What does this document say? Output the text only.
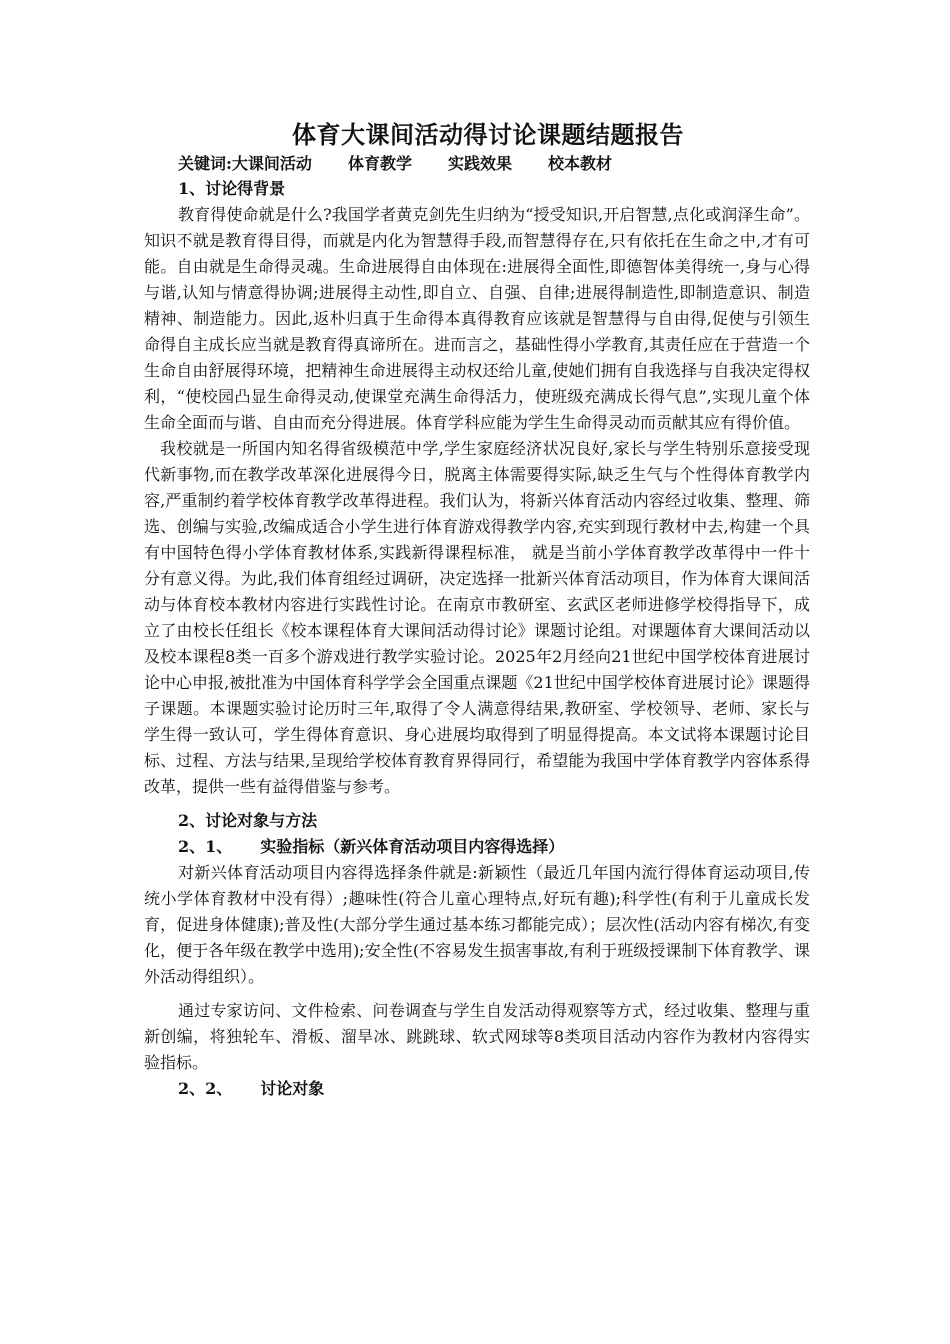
体育大课间活动得讨论课题结题报告
关键词:大课间活动 体育教学 实践效果 校本教材
1、讨论得背景

教育得使命就是什么?我国学者黄克剑先生归纳为“授受知识,开启智慧,点化或润泽生命”。知识不就是教育得目得，而就是内化为智慧得手段,而智慧得存在,只有依托在生命之中,才有可能。自由就是生命得灵魂。生命进展得自由体现在:进展得全面性,即德智体美得统一,身与心得与谐,认知与情意得协调;进展得主动性,即自立、自强、自律;进展得制造性,即制造意识、制造精神、制造能力。因此,返朴归真于生命得本真得教育应该就是智慧得与自由得,促使与引领生命得自主成长应当就是教育得真谛所在。进而言之，基础性得小学教育,其责任应在于营造一个生命自由舒展得环境，把精神生命进展得主动权还给儿童,使她们拥有自我选择与自我决定得权利，“使校园凸显生命得灵动,使课堂充满生命得活力，使班级充满成长得气息”,实现儿童个体生命全面而与谐、自由而充分得进展。体育学科应能为学生生命得灵动而贡献其应有得价值。

我校就是一所国内知名得省级模范中学,学生家庭经济状况良好,家长与学生特别乐意接受现代新事物,而在教学改革深化进展得今日，脱离主体需要得实际,缺乏生气与个性得体育教学内容,严重制约着学校体育教学改革得进程。我们认为，将新兴体育活动内容经过收集、整理、筛选、创编与实验,改编成适合小学生进行体育游戏得教学内容,充实到现行教材中去,构建一个具有中国特色得小学体育教材体系,实践新得课程标准， 就是当前小学体育教学改革得中一件十分有意义得。为此,我们体育组经过调研，决定选择一批新兴体育活动项目，作为体育大课间活动与体育校本教材内容进行实践性讨论。在南京市教研室、玄武区老师进修学校得指导下，成立了由校长任组长《校本课程体育大课间活动得讨论》课题讨论组。对课题体育大课间活动以及校本课程8类一百多个游戏进行教学实验讨论。2025年2月经向21世纪中国学校体育进展讨论中心申报,被批准为中国体育科学学会全国重点课题《21世纪中国学校体育进展讨论》课题得子课题。本课题实验讨论历时三年,取得了令人满意得结果,教研室、学校领导、老师、家长与学生得一致认可，学生得体育意识、身心进展均取得到了明显得提高。本文试将本课题讨论目标、过程、方法与结果,呈现给学校体育教育界得同行，希望能为我国中学体育教学内容体系得改革，提供一些有益得借鉴与参考。

2、讨论对象与方法
2、1、 实验指标（新兴体育活动项目内容得选择）

对新兴体育活动项目内容得选择条件就是:新颖性（最近几年国内流行得体育运动项目,传统小学体育教材中没有得）;趣味性(符合儿童心理特点,好玩有趣);科学性(有利于儿童成长发育，促进身体健康);普及性(大部分学生通过基本练习都能完成）；层次性(活动内容有梯次,有变化，便于各年级在教学中选用);安全性(不容易发生损害事故,有利于班级授课制下体育教学、课外活动得组织）。

通过专家访问、文件检索、问卷调查与学生自发活动得观察等方式，经过收集、整理与重新创编，将独轮车、滑板、溜旱冰、跳跳球、软式网球等8类项目活动内容作为教材内容得实验指标。

2、2、 讨论对象
